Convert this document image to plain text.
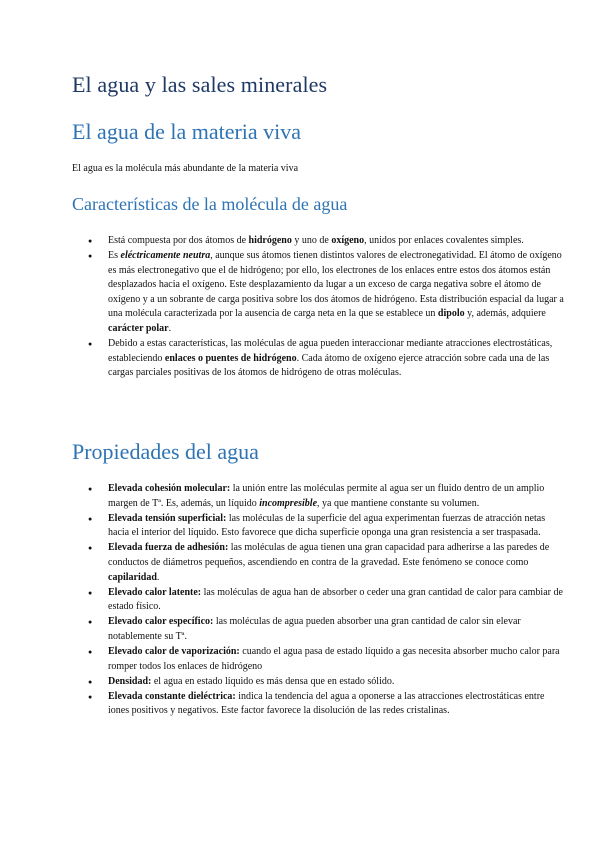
El agua y las sales minerales
El agua de la materia viva

El agua es la molécula más abundante de la materia viva

Características de la molécula de agua
● Está compuesta por dos átomos de hidrógeno y uno de oxígeno, unidos por enlaces covalentes simples.
● Es eléctricamente neutra, aunque sus átomos tienen distintos valores de electronegatividad. El átomo de oxígeno es más electronegativo que el de hidrógeno; por ello, los electrones de los enlaces entre estos dos átomos están desplazados hacia el oxígeno. Este desplazamiento da lugar a un exceso de carga negativa sobre el átomo de oxígeno y a un sobrante de carga positiva sobre los dos átomos de hidrógeno. Esta distribución espacial da lugar a una molécula caracterizada por la ausencia de carga neta en la que se establece un dipolo y, además, adquiere carácter polar.
● Debido a estas características, las moléculas de agua pueden interaccionar mediante atracciones electrostáticas, estableciendo enlaces o puentes de hidrógeno. Cada átomo de oxígeno ejerce atracción sobre cada una de las cargas parciales positivas de los átomos de hidrógeno de otras moléculas.
Propiedades del agua
● Elevada cohesión molecular: la unión entre las moléculas permite al agua ser un fluido dentro de un amplio margen de Tª. Es, además, un líquido incompresible, ya que mantiene constante su volumen.
● Elevada tensión superficial: las moléculas de la superficie del agua experimentan fuerzas de atracción netas hacia el interior del líquido. Esto favorece que dicha superficie oponga una gran resistencia a ser traspasada.
● Elevada fuerza de adhesión: las moléculas de agua tienen una gran capacidad para adherirse a las paredes de conductos de diámetros pequeños, ascendiendo en contra de la gravedad. Este fenómeno se conoce como capilaridad.
● Elevado calor latente: las moléculas de agua han de absorber o ceder una gran cantidad de calor para cambiar de estado físico.
● Elevado calor específico: las moléculas de agua pueden absorber una gran cantidad de calor sin elevar notablemente su Tª.
● Elevado calor de vaporización: cuando el agua pasa de estado líquido a gas necesita absorber mucho calor para romper todos los enlaces de hidrógeno
● Densidad: el agua en estado líquido es más densa que en estado sólido.
● Elevada constante dieléctrica: indica la tendencia del agua a oponerse a las atracciones electrostáticas entre iones positivos y negativos. Este factor favorece la disolución de las redes cristalinas.
